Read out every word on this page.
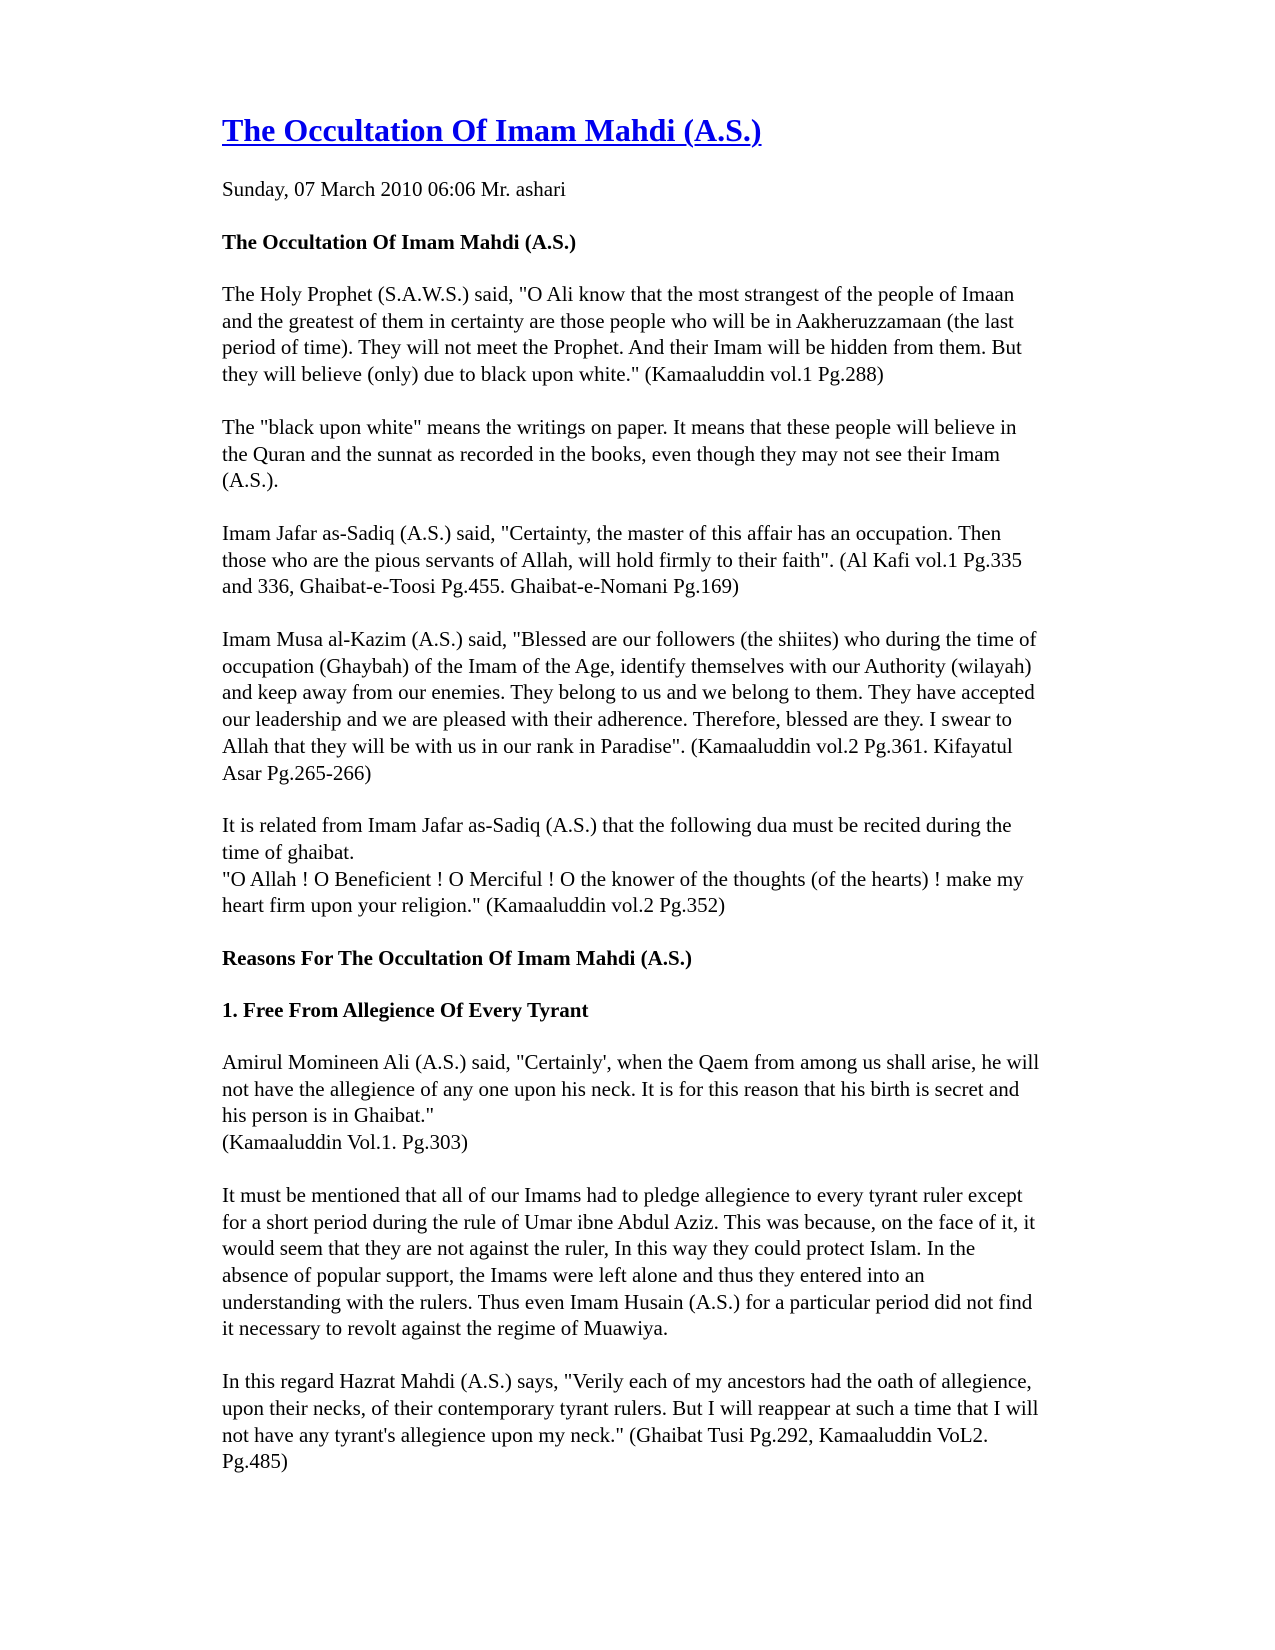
The Occultation Of Imam Mahdi (A.S.)
Sunday, 07 March 2010 06:06 Mr. ashari
The Occultation Of Imam Mahdi (A.S.)
The Holy Prophet (S.A.W.S.) said, "O Ali know that the most strangest of the people of Imaan
and the greatest of them in certainty are those people who will be in Aakheruzzamaan (the last
period of time). They will not meet the Prophet. And their Imam will be hidden from them. But
they will believe (only) due to black upon white." (Kamaaluddin vol.1 Pg.288)
The "black upon white" means the writings on paper. It means that these people will believe in
the Quran and the sunnat as recorded in the books, even though they may not see their Imam
(A.S.).
Imam Jafar as-Sadiq (A.S.) said, "Certainty, the master of this affair has an occupation. Then
those who are the pious servants of Allah, will hold firmly to their faith". (Al Kafi vol.1 Pg.335
and 336, Ghaibat-e-Toosi Pg.455. Ghaibat-e-Nomani Pg.169)
Imam Musa al-Kazim (A.S.) said, "Blessed are our followers (the shiites) who during the time of
occupation (Ghaybah) of the Imam of the Age, identify themselves with our Authority (wilayah)
and keep away from our enemies. They belong to us and we belong to them. They have accepted
our leadership and we are pleased with their adherence. Therefore, blessed are they. I swear to
Allah that they will be with us in our rank in Paradise". (Kamaaluddin vol.2 Pg.361. Kifayatul
Asar Pg.265-266)
It is related from Imam Jafar as-Sadiq (A.S.) that the following dua must be recited during the
time of ghaibat.
"O Allah ! O Beneficient ! O Merciful ! O the knower of the thoughts (of the hearts) ! make my
heart firm upon your religion." (Kamaaluddin vol.2 Pg.352)
Reasons For The Occultation Of Imam Mahdi (A.S.)
1. Free From Allegience Of Every Tyrant
Amirul Momineen Ali (A.S.) said, "Certainly', when the Qaem from among us shall arise, he will
not have the allegience of any one upon his neck. It is for this reason that his birth is secret and
his person is in Ghaibat."
(Kamaaluddin Vol.1. Pg.303)
It must be mentioned that all of our Imams had to pledge allegience to every tyrant ruler except
for a short period during the rule of Umar ibne Abdul Aziz. This was because, on the face of it, it
would seem that they are not against the ruler, In this way they could protect Islam. In the
absence of popular support, the Imams were left alone and thus they entered into an
understanding with the rulers. Thus even Imam Husain (A.S.) for a particular period did not find
it necessary to revolt against the regime of Muawiya.
In this regard Hazrat Mahdi (A.S.) says, "Verily each of my ancestors had the oath of allegience,
upon their necks, of their contemporary tyrant rulers. But I will reappear at such a time that I will
not have any tyrant's allegience upon my neck." (Ghaibat Tusi Pg.292, Kamaaluddin VoL2.
Pg.485)
